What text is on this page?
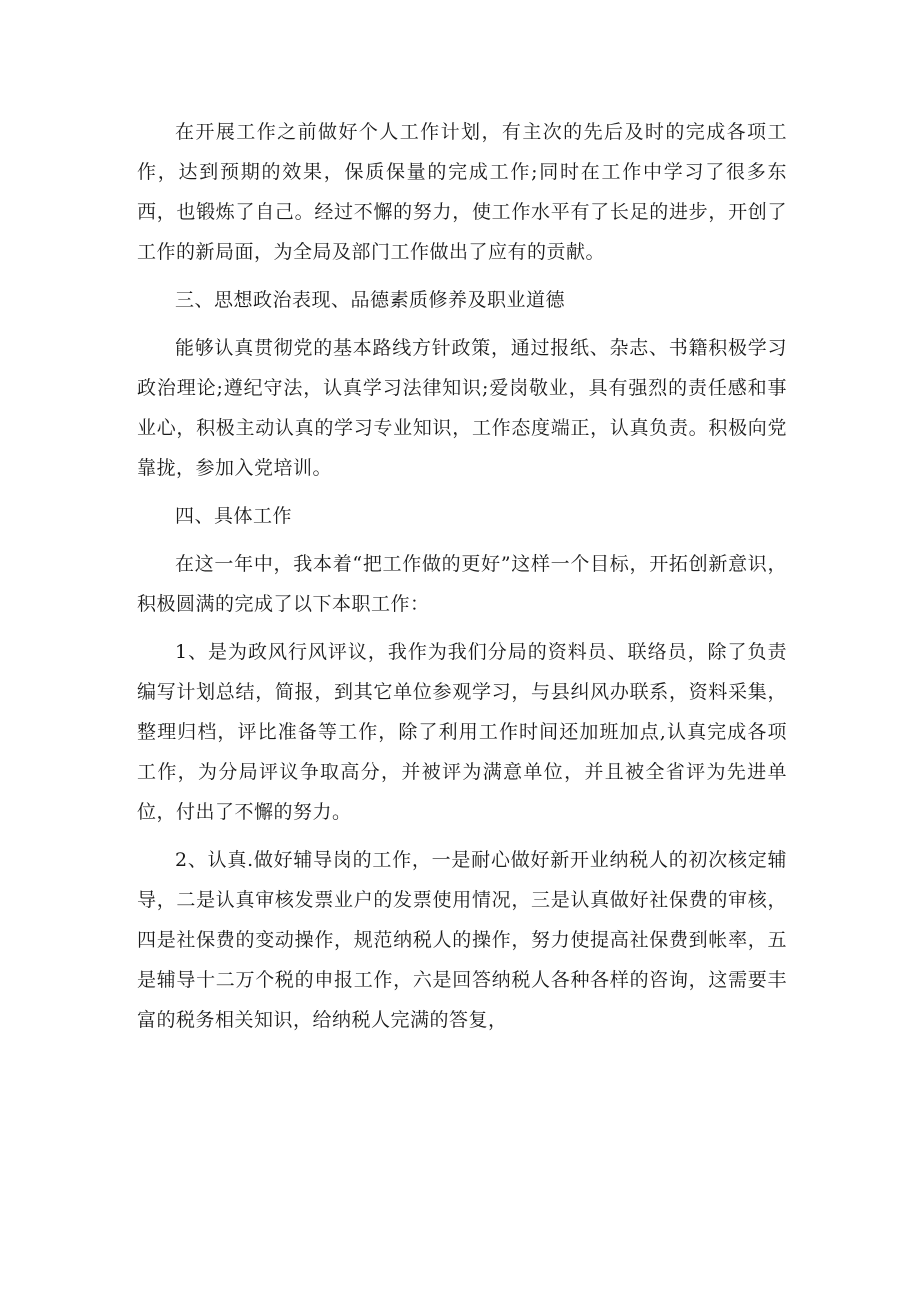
在开展工作之前做好个人工作计划，有主次的先后及时的完成各项工作，达到预期的效果，保质保量的完成工作;同时在工作中学习了很多东西，也锻炼了自己。经过不懈的努力，使工作水平有了长足的进步，开创了工作的新局面，为全局及部门工作做出了应有的贡献。

三、思想政治表现、品德素质修养及职业道德

能够认真贯彻党的基本路线方针政策，通过报纸、杂志、书籍积极学习政治理论;遵纪守法，认真学习法律知识;爱岗敬业，具有强烈的责任感和事业心，积极主动认真的学习专业知识，工作态度端正，认真负责。积极向党靠拢，参加入党培训。

四、具体工作

在这一年中，我本着“把工作做的更好”这样一个目标，开拓创新意识，积极圆满的完成了以下本职工作：

1、是为政风行风评议，我作为我们分局的资料员、联络员，除了负责编写计划总结，简报，到其它单位参观学习，与县纠风办联系，资料采集，整理归档，评比准备等工作，除了利用工作时间还加班加点,认真完成各项工作，为分局评议争取高分，并被评为满意单位，并且被全省评为先进单位，付出了不懈的努力。

2、认真.做好辅导岗的工作，一是耐心做好新开业纳税人的初次核定辅导，二是认真审核发票业户的发票使用情况，三是认真做好社保费的审核，四是社保费的变动操作，规范纳税人的操作，努力使提高社保费到帐率，五是辅导十二万个税的申报工作，六是回答纳税人各种各样的咨询，这需要丰富的税务相关知识，给纳税人完满的答复，
